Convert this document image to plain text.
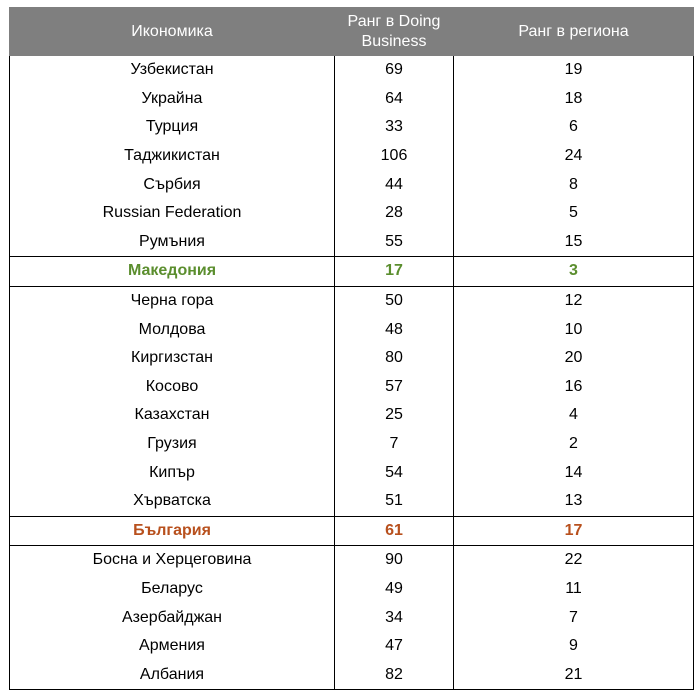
Икономика	Ранг в Doing Business	Ранг в региона
Узбекистан	69	19
Украйна	64	18
Турция	33	6
Таджикистан	106	24
Сърбия	44	8
Russian Federation	28	5
Румъния	55	15
Македония	17	3
Черна гора	50	12
Молдова	48	10
Киргизстан	80	20
Косово	57	16
Казахстан	25	4
Грузия	7	2
Кипър	54	14
Хърватска	51	13
България	61	17
Босна и Херцеговина	90	22
Беларус	49	11
Азербайджан	34	7
Армения	47	9
Албания	82	21
